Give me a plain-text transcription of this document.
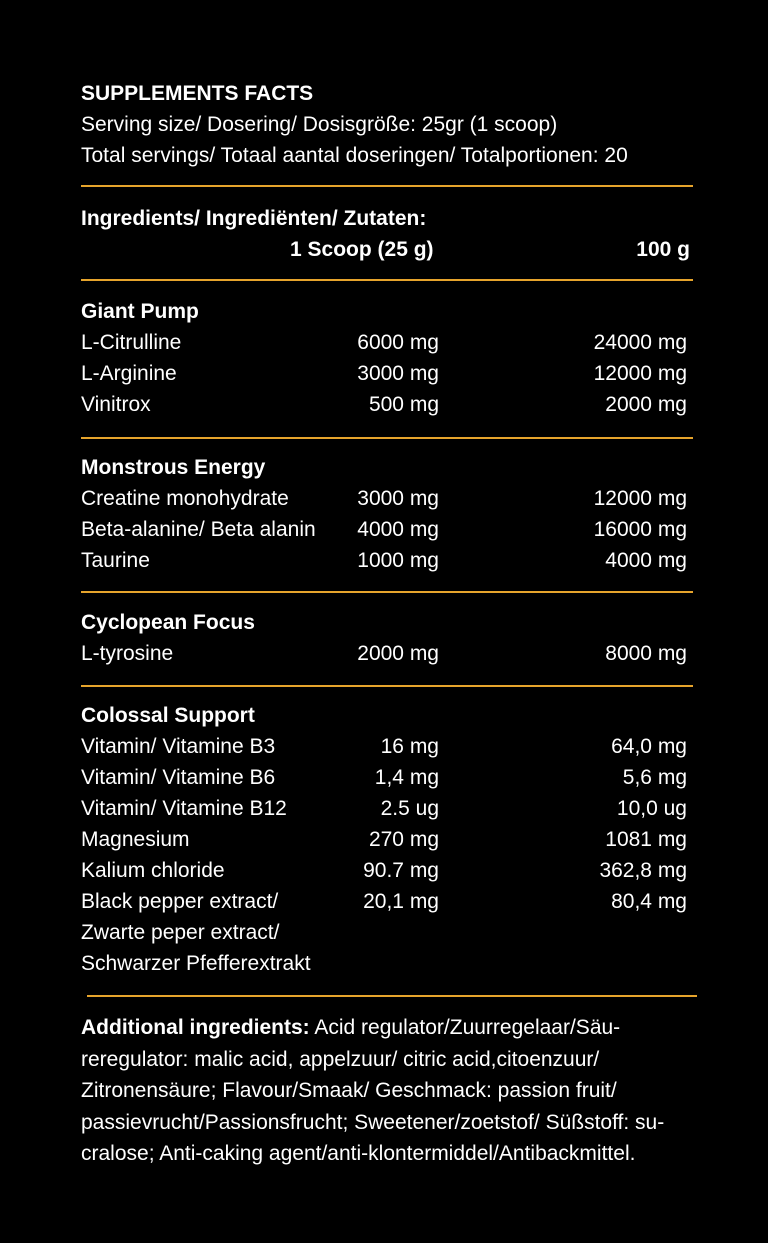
SUPPLEMENTS FACTS
Serving size/ Dosering/ Dosisgröße: 25gr (1 scoop)
Total servings/ Totaal aantal doseringen/ Totalportionen: 20
Ingredients/ Ingrediënten/ Zutaten:
1 Scoop (25 g)	100 g
Giant Pump
L-Citrulline	6000 mg	24000 mg
L-Arginine	3000 mg	12000 mg
Vinitrox	500 mg	2000 mg
Monstrous Energy
Creatine monohydrate	3000 mg	12000 mg
Beta-alanine/ Beta alanin 4000 mg	16000 mg
Taurine	1000 mg	4000 mg
Cyclopean Focus
L-tyrosine	2000 mg	8000 mg
Colossal Support
Vitamin/ Vitamine B3	16 mg	64,0 mg
Vitamin/ Vitamine B6	1,4 mg	5,6 mg
Vitamin/ Vitamine B12	2.5 ug	10,0 ug
Magnesium	270 mg	1081 mg
Kalium chloride	90.7 mg	362,8 mg
Black pepper extract/	20,1 mg	80,4 mg
Zwarte peper extract/
Schwarzer Pfefferextrakt
Additional ingredients: Acid regulator/Zuurregelaar/Säu-reregulator: malic acid, appelzuur/ citric acid,citoenzuur/ Zitronensäure; Flavour/Smaak/ Geschmack: passion fruit/ passievrucht/Passionsfrucht; Sweetener/zoetstof/ Süßstoff: su-cralose; Anti-caking agent/anti-klontermiddel/Antibackmittel.
